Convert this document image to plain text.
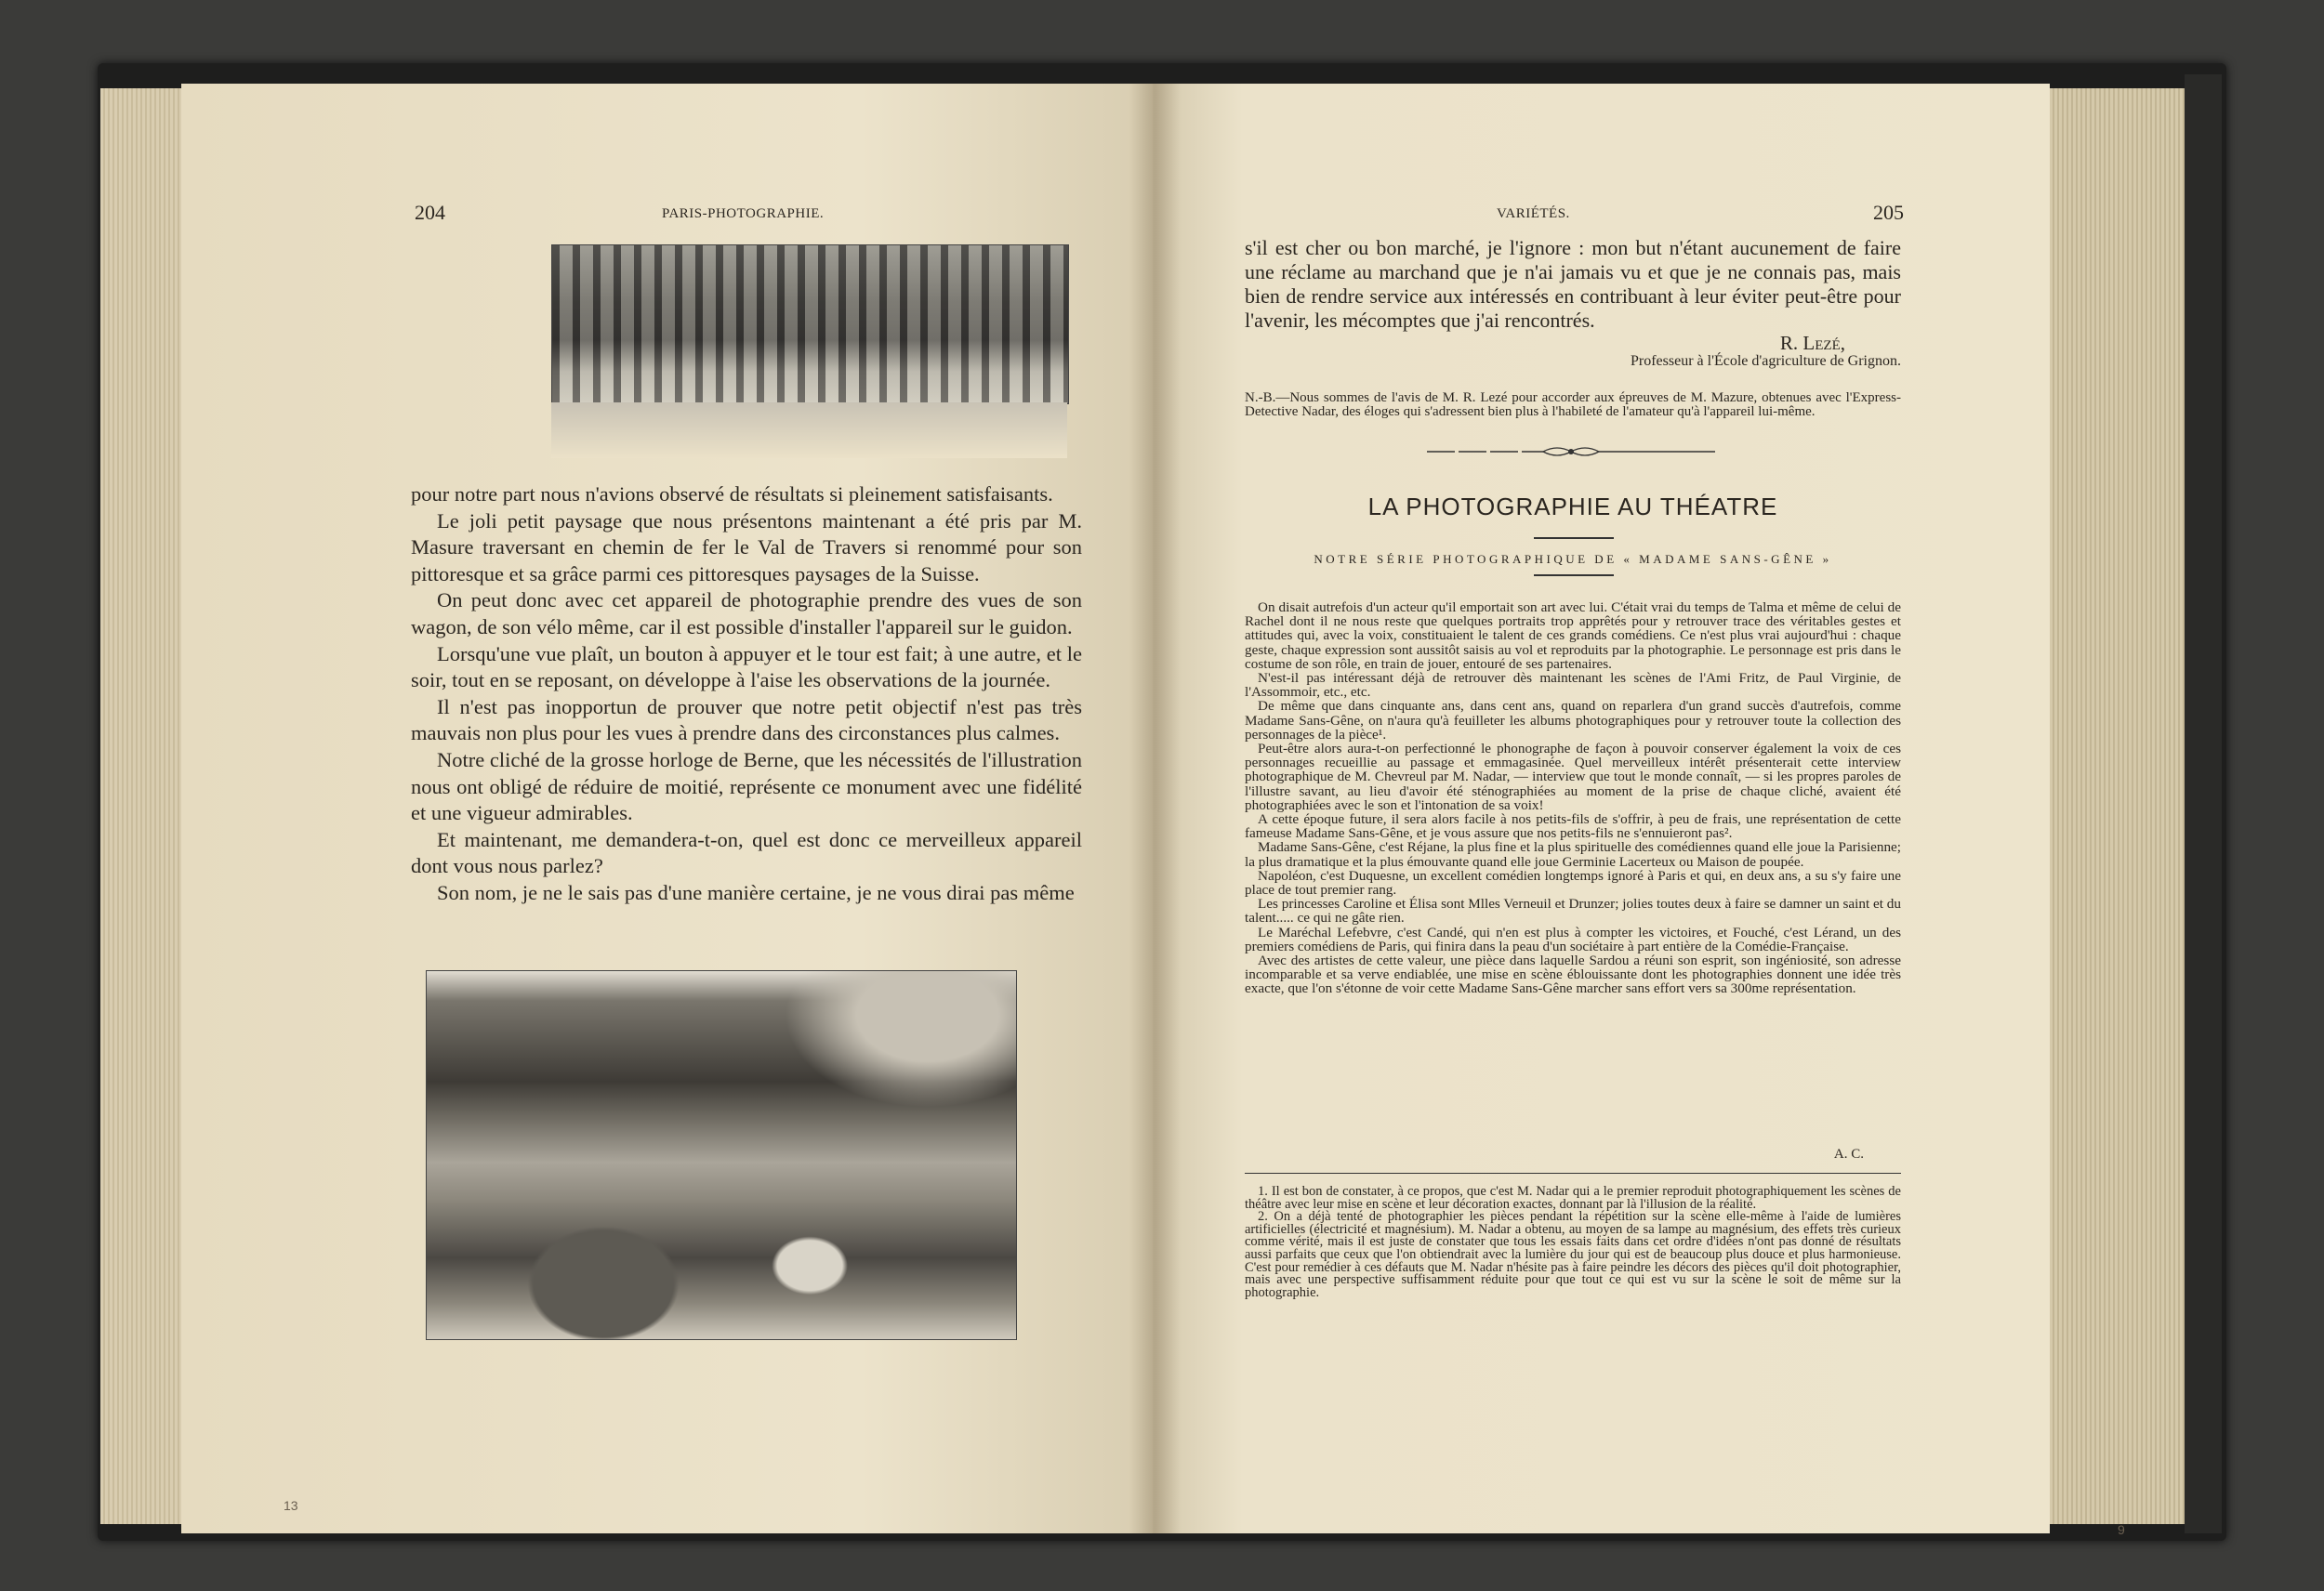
204	PARIS-PHOTOGRAPHIE.

pour notre part nous n'avions observé de résultats si pleinement satisfaisants.

Le joli petit paysage que nous présentons maintenant a été pris par M. Masure traversant en chemin de fer le Val de Travers si renommé pour son pittoresque et sa grâce parmi ces pittoresques paysages de la Suisse.

On peut donc avec cet appareil de photographie prendre des vues de son wagon, de son vélo même, car il est possible d'installer l'appareil sur le guidon.

Lorsqu'une vue plaît, un bouton à appuyer et le tour est fait; à une autre, et le soir, tout en se reposant, on développe à l'aise les observations de la journée.

Il n'est pas inopportun de prouver que notre petit objectif n'est pas très mauvais non plus pour les vues à prendre dans des circonstances plus calmes.

Notre cliché de la grosse horloge de Berne, que les nécessités de l'illustration nous ont obligé de réduire de moitié, représente ce monument avec une fidélité et une vigueur admirables.

Et maintenant, me demandera-t-on, quel est donc ce merveilleux appareil dont vous nous parlez?

Son nom, je ne le sais pas d'une manière certaine, je ne vous dirai pas même

13
VARIÉTÉS.	205

s'il est cher ou bon marché, je l'ignore : mon but n'étant aucunement de faire une réclame au marchand que je n'ai jamais vu et que je ne connais pas, mais bien de rendre service aux intéressés en contribuant à leur éviter peut-être pour l'avenir, les mécomptes que j'ai rencontrés.

R. Lezé,
Professeur à l'École d'agriculture de Grignon.
N.-B.—Nous sommes de l'avis de M. R. Lezé pour accorder aux épreuves de M. Mazure, obtenues avec l'Express-Detective Nadar, des éloges qui s'adressent bien plus à l'habileté de l'amateur qu'à l'appareil lui-même.
LA PHOTOGRAPHIE AU THÉATRE
NOTRE SÉRIE PHOTOGRAPHIQUE DE « MADAME SANS-GÊNE »

On disait autrefois d'un acteur qu'il emportait son art avec lui. C'était vrai du temps de Talma et même de celui de Rachel dont il ne nous reste que quelques portraits trop apprêtés pour y retrouver trace des véritables gestes et attitudes qui, avec la voix, constituaient le talent de ces grands comédiens. Ce n'est plus vrai aujourd'hui : chaque geste, chaque expression sont aussitôt saisis au vol et reproduits par la photographie. Le personnage est pris dans le costume de son rôle, en train de jouer, entouré de ses partenaires.

N'est-il pas intéressant déjà de retrouver dès maintenant les scènes de l'Ami Fritz, de Paul Virginie, de l'Assommoir, etc., etc.

De même que dans cinquante ans, dans cent ans, quand on reparlera d'un grand succès d'autrefois, comme Madame Sans-Gêne, on n'aura qu'à feuilleter les albums photographiques pour y retrouver toute la collection des personnages de la pièce¹.

Peut-être alors aura-t-on perfectionné le phonographe de façon à pouvoir conserver également la voix de ces personnages recueillie au passage et emmagasinée. Quel merveilleux intérêt présenterait cette interview photographique de M. Chevreul par M. Nadar, — interview que tout le monde connaît, — si les propres paroles de l'illustre savant, au lieu d'avoir été sténographiées au moment de la prise de chaque cliché, avaient été photographiées avec le son et l'intonation de sa voix!

A cette époque future, il sera alors facile à nos petits-fils de s'offrir, à peu de frais, une représentation de cette fameuse Madame Sans-Gêne, et je vous assure que nos petits-fils ne s'ennuieront pas².

Madame Sans-Gêne, c'est Réjane, la plus fine et la plus spirituelle des comédiennes quand elle joue la Parisienne; la plus dramatique et la plus émouvante quand elle joue Germinie Lacerteux ou Maison de poupée.

Napoléon, c'est Duquesne, un excellent comédien longtemps ignoré à Paris et qui, en deux ans, a su s'y faire une place de tout premier rang.

Les princesses Caroline et Élisa sont Mlles Verneuil et Drunzer; jolies toutes deux à faire se damner un saint et du talent..... ce qui ne gâte rien.

Le Maréchal Lefebvre, c'est Candé, qui n'en est plus à compter les victoires, et Fouché, c'est Lérand, un des premiers comédiens de Paris, qui finira dans la peau d'un sociétaire à part entière de la Comédie-Française.

Avec des artistes de cette valeur, une pièce dans laquelle Sardou a réuni son esprit, son ingéniosité, son adresse incomparable et sa verve endiablée, une mise en scène éblouissante dont les photographies donnent une idée très exacte, que l'on s'étonne de voir cette Madame Sans-Gêne marcher sans effort vers sa 300me représentation.

A. C.

1. Il est bon de constater, à ce propos, que c'est M. Nadar qui a le premier reproduit photographiquement les scènes de théâtre avec leur mise en scène et leur décoration exactes, donnant par là l'illusion de la réalité.

2. On a déjà tenté de photographier les pièces pendant la répétition sur la scène elle-même à l'aide de lumières artificielles (électricité et magnésium). M. Nadar a obtenu, au moyen de sa lampe au magnésium, des effets très curieux comme vérité, mais il est juste de constater que tous les essais faits dans cet ordre d'idées n'ont pas donné de résultats aussi parfaits que ceux que l'on obtiendrait avec la lumière du jour qui est de beaucoup plus douce et plus harmonieuse. C'est pour remédier à ces défauts que M. Nadar n'hésite pas à faire peindre les décors des pièces qu'il doit photographier, mais avec une perspective suffisamment réduite pour que tout ce qui est vu sur la scène le soit de même sur la photographie.

9
